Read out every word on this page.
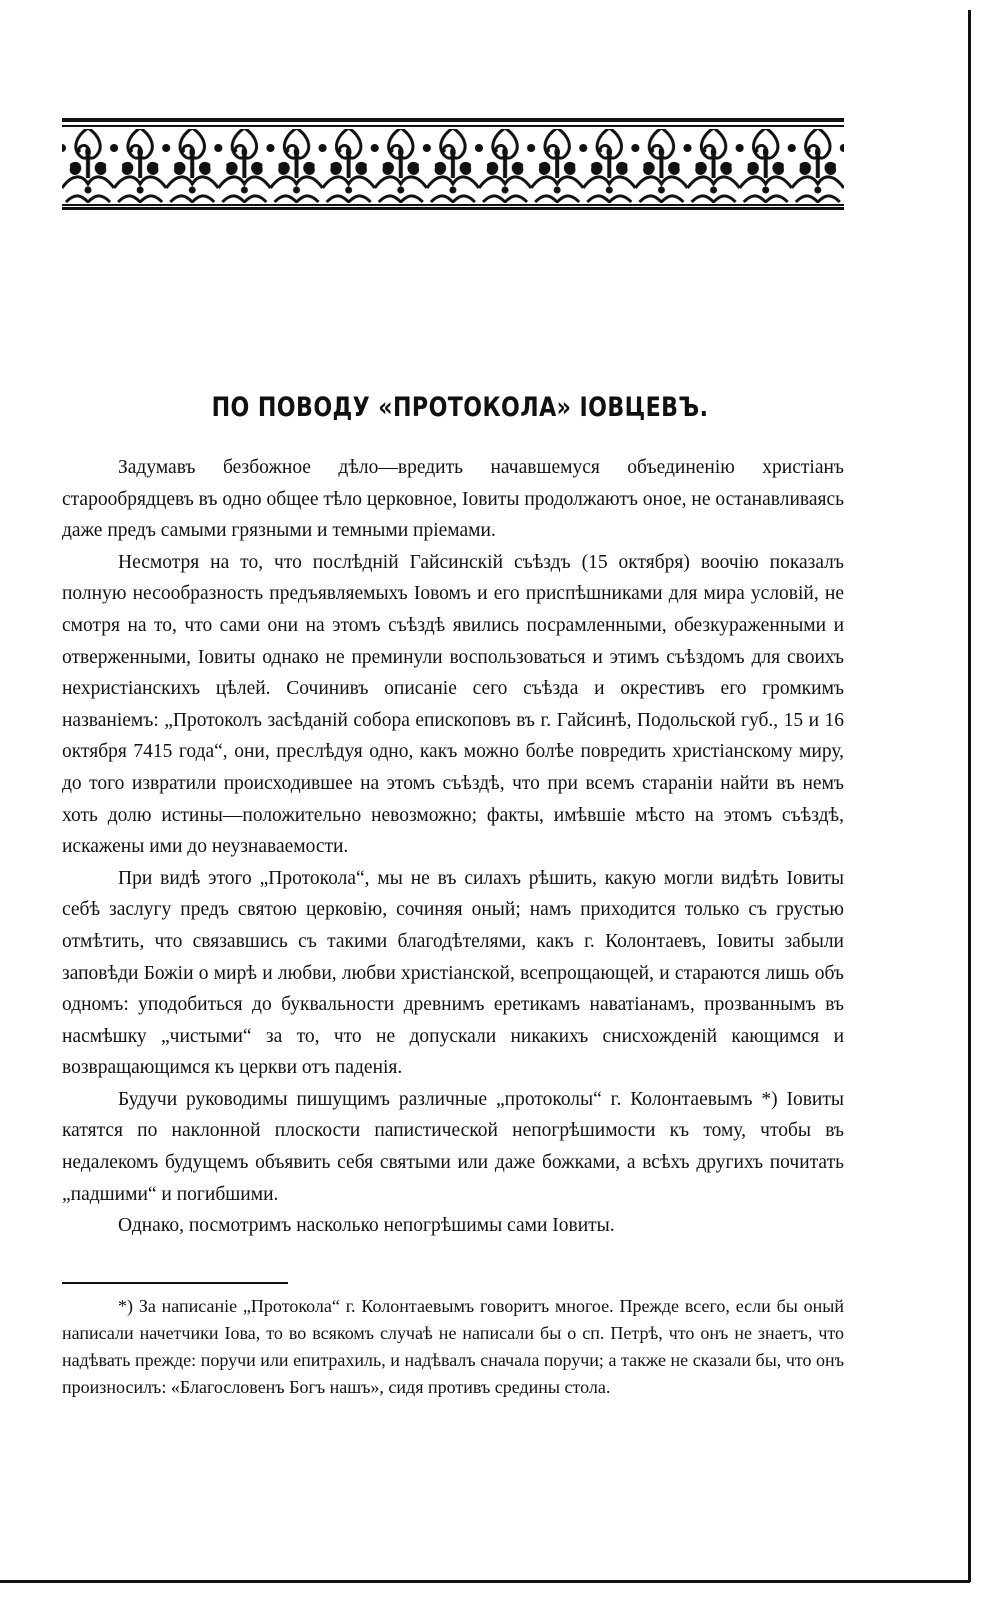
ПО ПОВОДУ «ПРОТОКОЛА» ІОВЦЕВЪ.

Задумавъ безбожное дѣло—вредить начавшемуся объединенію христіанъ старообрядцевъ въ одно общее тѣло церковное, Іовиты продолжаютъ оное, не останавливаясь даже предъ самыми грязными и темными пріемами.

Несмотря на то, что послѣдній Гайсинскій съѣздъ (15 октября) воочію показалъ полную несообразность предъявляемыхъ Іовомъ и его приспѣшниками для мира условій, не смотря на то, что сами они на этомъ съѣздѣ явились посрамленными, обезкураженными и отверженными, Іовиты однако не преминули воспользоваться и этимъ съѣздомъ для своихъ нехристіанскихъ цѣлей. Сочинивъ описаніе сего съѣзда и окрестивъ его громкимъ названіемъ: „Протоколъ засѣданій собора епископовъ въ г. Гайсинѣ, Подольской губ., 15 и 16 октября 7415 года“, они, преслѣдуя одно, какъ можно болѣе повредить христіанскому миру, до того извратили происходившее на этомъ съѣздѣ, что при всемъ стараніи найти въ немъ хоть долю истины—положительно невозможно; факты, имѣвшіе мѣсто на этомъ съѣздѣ, искажены ими до неузнаваемости.

При видѣ этого „Протокола“, мы не въ силахъ рѣшить, какую могли видѣть Іовиты себѣ заслугу предъ святою церковію, сочиняя оный; намъ приходится только съ грустью отмѣтить, что связавшись съ такими благодѣтелями, какъ г. Колонтаевъ, Іовиты забыли заповѣди Божіи о мирѣ и любви, любви христіанской, всепрощающей, и стараются лишь объ одномъ: уподобиться до буквальности древнимъ еретикамъ наватіанамъ, прозваннымъ въ насмѣшку „чистыми“ за то, что не допускали никакихъ снисхожденій кающимся и возвращающимся къ церкви отъ паденія.

Будучи руководимы пишущимъ различные „протоколы“ г. Колонтаевымъ *) Іовиты катятся по наклонной плоскости папистической непогрѣшимости къ тому, чтобы въ недалекомъ будущемъ объявить себя святыми или даже божками, а всѣхъ другихъ почитать „падшими“ и погибшими.

Однако, посмотримъ насколько непогрѣшимы сами Іовиты.

*) За написаніе „Протокола“ г. Колонтаевымъ говоритъ многое. Прежде всего, если бы оный написали начетчики Іова, то во всякомъ случаѣ не написали бы о сп. Петрѣ, что онъ не знаетъ, что надѣвать прежде: поручи или епитрахиль, и надѣвалъ сначала поручи; а также не сказали бы, что онъ произносилъ: «Благословенъ Богъ нашъ», сидя противъ средины стола.
